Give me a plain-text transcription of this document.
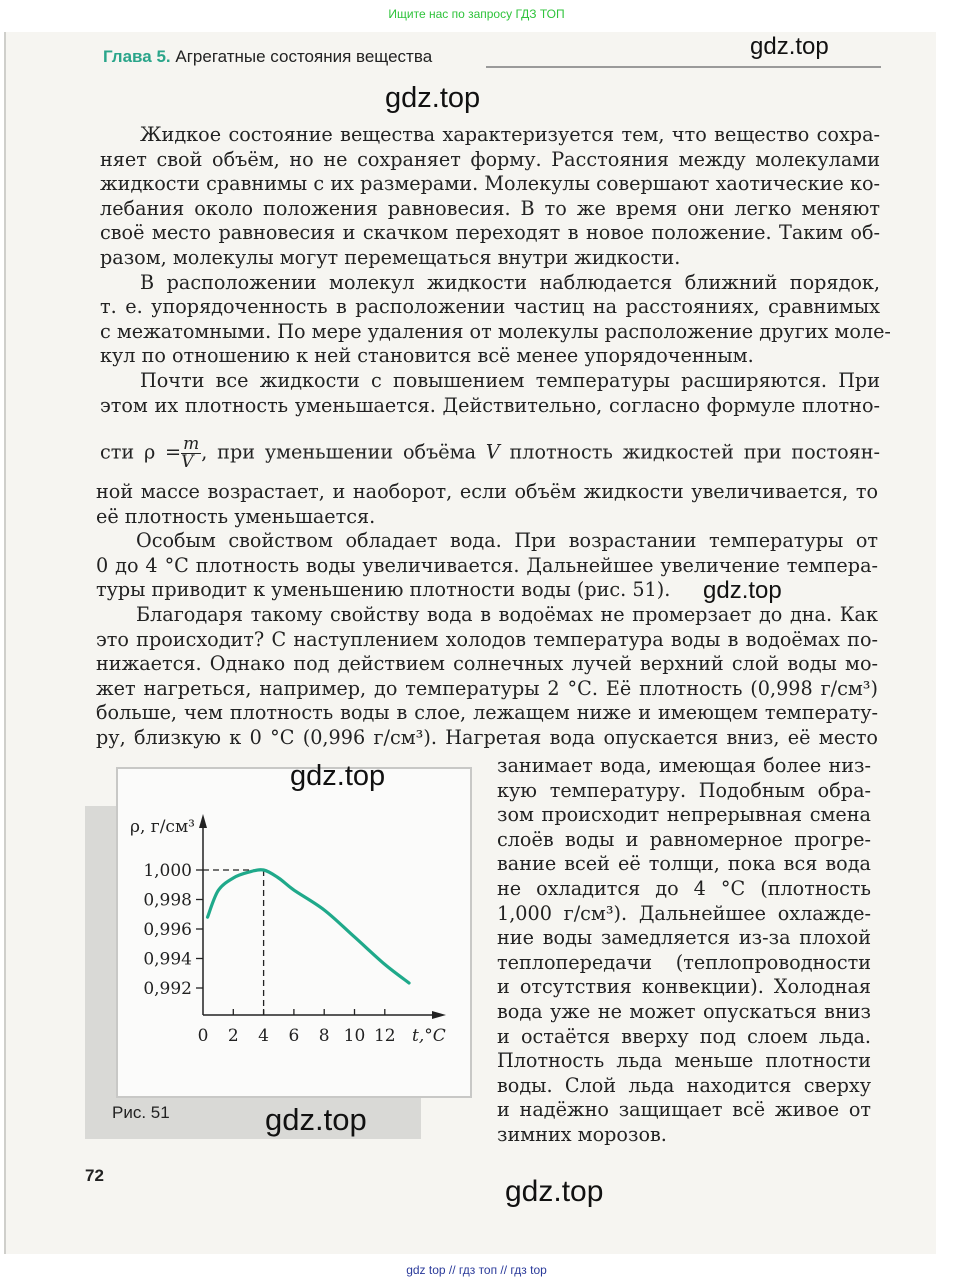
Ищите нас по запросу ГДЗ ТОП
Глава 5. Агрегатные состояния вещества
Жидкое состояние вещества характеризуется тем, что вещество сохра-
няет свой объём, но не сохраняет форму. Расстояния между молекулами
жидкости сравнимы с их размерами. Молекулы совершают хаотические ко-
лебания около положения равновесия. В то же время они легко меняют
своё место равновесия и скачком переходят в новое положение. Таким об-
разом, молекулы могут перемещаться внутри жидкости.
В расположении молекул жидкости наблюдается ближний порядок,
т. е. упорядоченность в расположении частиц на расстояниях, сравнимых
с межатомными. По мере удаления от молекулы расположение других моле-
кул по отношению к ней становится всё менее упорядоченным.
Почти все жидкости с повышением температуры расширяются. При
этом их плотность уменьшается. Действительно, согласно формуле плотно-
сти $\rho = \frac{m}{V}$ , при уменьшении объёма V плотность жидкостей при постоян-
ной массе возрастает, и наоборот, если объём жидкости увеличивается, то
её плотность уменьшается.
Особым свойством обладает вода. При возрастании температуры от
0 до 4 °С плотность воды увеличивается. Дальнейшее увеличение темпера-
туры приводит к уменьшению плотности воды (рис. 51).
Благодаря такому свойству вода в водоёмах не промерзает до дна. Как
это происходит? С наступлением холодов температура воды в водоёмах по-
нижается. Однако под действием солнечных лучей верхний слой воды мо-
жет нагреться, например, до температуры 2 °С. Её плотность (0,998 г/см³)
больше, чем плотность воды в слое, лежащем ниже и имеющем температу-
ру, близкую к 0 °С (0,996 г/см³). Нагретая вода опускается вниз, её место
занимает вода, имеющая более низ-
кую температуру. Подобным обра-
зом происходит непрерывная смена
слоёв воды и равномерное прогре-
вание всей её толщи, пока вся вода
не охладится до 4 °С (плотность
1,000 г/см³). Дальнейшее охлажде-
ние воды замедляется из-за плохой
теплопередачи (теплопроводности
и отсутствия конвекции). Холодная
вода уже не может опускаться вниз
и остаётся вверху под слоем льда.
Плотность льда меньше плотности
воды. Слой льда находится сверху
и надёжно защищает всё живое от
зимних морозов.
Рис. 51
0 2 4 6 8 10 12
1,000
0,998
0,996
0,994
0,992
ρ, г/см³
t,°С
72
gdz.top
gdz.top
gdz.top
gdz.top
gdz.top
gdz.top
gdz top // гдз топ // гдз top
